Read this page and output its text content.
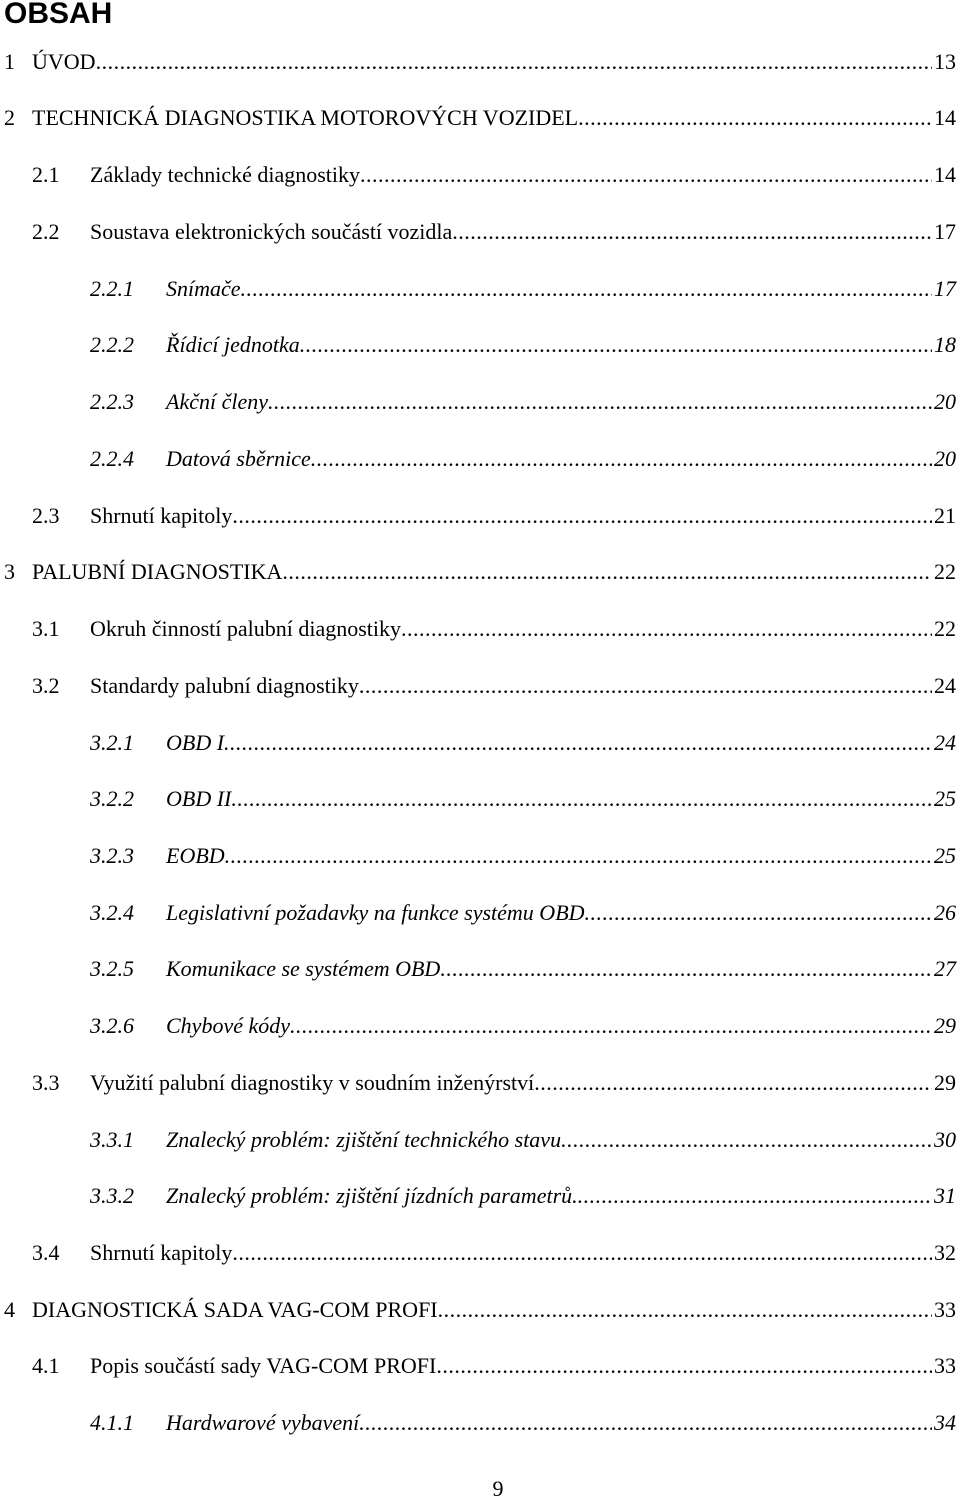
OBSAH
1 ÚVOD .....	13
2 TECHNICKÁ DIAGNOSTIKA MOTOROVÝCH VOZIDEL .....	14
2.1	Základy technické diagnostiky .....	14
2.2	Soustava elektronických součástí vozidla .....	17
2.2.1	Snímače .....	17
2.2.2	Řídicí jednotka .....	18
2.2.3	Akční členy .....	20
2.2.4	Datová sběrnice .....	20
2.3	Shrnutí kapitoly .....	21
3 PALUBNÍ DIAGNOSTIKA .....	22
3.1	Okruh činností palubní diagnostiky .....	22
3.2	Standardy palubní diagnostiky .....	24
3.2.1	OBD I .....	24
3.2.2	OBD II .....	25
3.2.3	EOBD .....	25
3.2.4	Legislativní požadavky na funkce systému OBD .....	26
3.2.5	Komunikace se systémem OBD .....	27
3.2.6	Chybové kódy .....	29
3.3	Využití palubní diagnostiky v soudním inženýrství .....	29
3.3.1	Znalecký problém: zjištění technického stavu .....	30
3.3.2	Znalecký problém: zjištění jízdních parametrů. .....	31
3.4	Shrnutí kapitoly .....	32
4 DIAGNOSTICKÁ SADA VAG-COM PROFI .....	33
4.1	Popis součástí sady VAG-COM PROFI .....	33
4.1.1	Hardwarové vybavení .....	34
9
